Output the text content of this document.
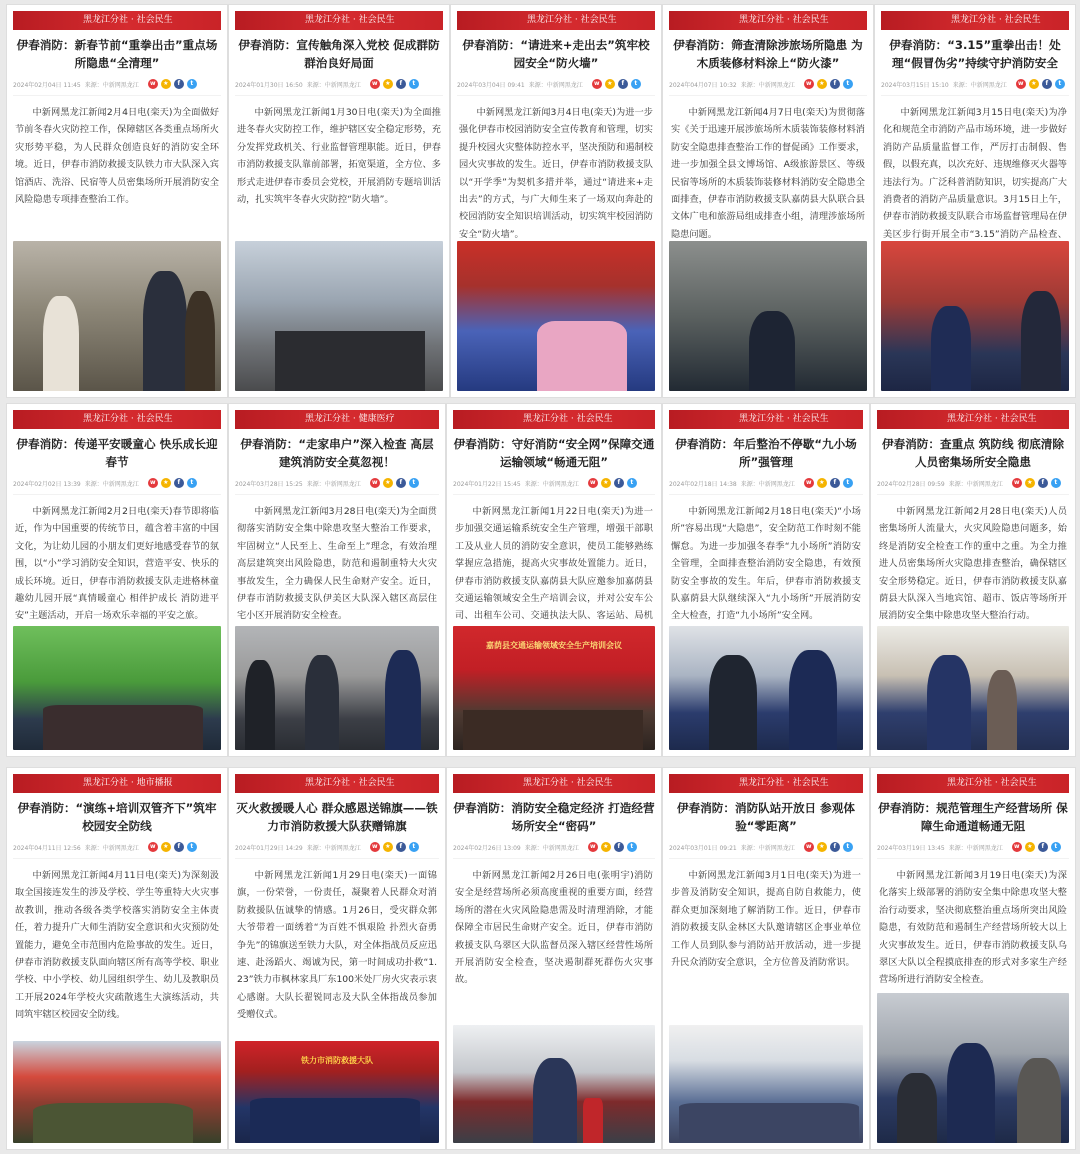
黑龙江分社 · 社会民生
伊春消防：新春节前“重拳出击”重点场所隐患“全清理”
2024年02月04日 11:45 来源：中新网黑龙江	w	★	f	t
中新网黑龙江新闻2月4日电(栾天)为全面做好节前冬春火灾防控工作，保障辖区各类重点场所火灾形势平稳，为人民群众创造良好的消防安全环境。近日，伊春市消防救援支队铁力市大队深入宾馆酒店、洗浴、民宿等人员密集场所开展消防安全风险隐患专项排查整治工作。
黑龙江分社 · 社会民生
伊春消防：宣传触角深入党校 促成群防群治良好局面
2024年01月30日 16:50 来源：中新网黑龙江	w	★	f	t
中新网黑龙江新闻1月30日电(栾天)为全面推进冬春火灾防控工作，维护辖区安全稳定形势，充分发挥党政机关、行业监督管理职能。近日，伊春市消防救援支队靠前部署，拓宽渠道，全方位、多形式走进伊春市委员会党校，开展消防专题培训活动，扎实筑牢冬春火灾防控“防火墙”。
黑龙江分社 · 社会民生
伊春消防：“请进来+走出去”筑牢校园安全“防火墙”
2024年03月04日 09:41 来源：中新网黑龙江	w	★	f	t
中新网黑龙江新闻3月4日电(栾天)为进一步强化伊春市校园消防安全宣传教育和管理，切实提升校园火灾整体防控水平，坚决预防和遏制校园火灾事故的发生。近日，伊春市消防救援支队以“开学季”为契机多措并举，通过“请进来+走出去”的方式，与广大师生来了一场双向奔赴的校园消防安全知识培训活动，切实筑牢校园消防安全“防火墙”。
黑龙江分社 · 社会民生
伊春消防：筛查清除涉旅场所隐患 为木质装修材料涂上“防火漆”
2024年04月07日 10:32 来源：中新网黑龙江	w	★	f	t
中新网黑龙江新闻4月7日电(栾天)为贯彻落实《关于迅速开展涉旅场所木质装饰装修材料消防安全隐患排查整治工作的督促函》工作要求，进一步加强全县文博场馆、A级旅游景区、等级民宿等场所的木质装饰装修材料消防安全隐患全面排查，伊春市消防救援支队嘉荫县大队联合县文体广电和旅游局组成排查小组，清理涉旅场所隐患问题。
黑龙江分社 · 社会民生
伊春消防：“3.15”重拳出击！处理“假冒伪劣”持续守护消防安全
2024年03月15日 15:10 来源：中新网黑龙江	w	★	f	t
中新网黑龙江新闻3月15日电(栾天)为净化和规范全市消防产品市场环境，进一步做好消防产品质量监督工作，严厉打击制假、售假，以假充真，以次充好、违规维修灭火器等违法行为。广泛科普消防知识，切实提高广大消费者的消防产品质量意识。3月15日上午，伊春市消防救援支队联合市场监督管理局在伊美区步行街开展全市“3.15”消防产品检查、
黑龙江分社 · 社会民生
伊春消防：传递平安暖童心 快乐成长迎春节
2024年02月02日 13:39 来源：中新网黑龙江	w	★	f	t
中新网黑龙江新闻2月2日电(栾天)春节即将临近，作为中国重要的传统节日，蕴含着丰富的中国文化，为让幼儿园的小朋友们更好地感受春节的氛围，以“小”学习消防安全知识，营造平安、快乐的成长环境。近日，伊春市消防救援支队走进格林童趣幼儿园开展“真情暖童心 相伴护成长 消防进平安”主题活动，开启一场欢乐幸福的平安之旅。
黑龙江分社 · 健康医疗
伊春消防：“走家串户”深入检查 高层建筑消防安全莫忽视！
2024年03月28日 15:25 来源：中新网黑龙江	w	★	f	t
中新网黑龙江新闻3月28日电(栾天)为全面贯彻落实消防安全集中除患攻坚大整治工作要求，牢固树立“人民至上、生命至上”理念，有效治理高层建筑突出风险隐患，防范和遏制重特大火灾事故发生，全力确保人民生命财产安全。近日，伊春市消防救援支队伊美区大队深入辖区高层住宅小区开展消防安全检查。
黑龙江分社 · 社会民生
伊春消防：守好消防“安全网”保障交通运输领域“畅通无阻”
2024年01月22日 15:45 来源：中新网黑龙江	w	★	f	t
中新网黑龙江新闻1月22日电(栾天)为进一步加强交通运输系统安全生产管理，增强干部职工及从业人员的消防安全意识，使员工能够熟练掌握应急措施，提高火灾事故处置能力。近日，伊春市消防救援支队嘉荫县大队应邀参加嘉荫县交通运输领域安全生产培训会议，并对公安车公司、出租车公司、交通执法大队、客运站、局机
嘉荫县交通运输领域安全生产培训会议
黑龙江分社 · 社会民生
伊春消防：年后整治不停歇“九小场所”强管理
2024年02月18日 14:38 来源：中新网黑龙江	w	★	f	t
中新网黑龙江新闻2月18日电(栾天)“小场所”容易出现“大隐患”，安全防范工作时刻不能懈怠。为进一步加强冬春季“九小场所”消防安全管理，全面排查整治消防安全隐患，有效预防安全事故的发生。年后，伊春市消防救援支队嘉荫县大队继续深入“九小场所”开展消防安全大检查，打造“九小场所”安全网。
黑龙江分社 · 社会民生
伊春消防：查重点 筑防线 彻底清除人员密集场所安全隐患
2024年02月28日 09:59 来源：中新网黑龙江	w	★	f	t
中新网黑龙江新闻2月28日电(栾天)人员密集场所人流量大，火灾风险隐患问题多，始终是消防安全检查工作的重中之重。为全力推进人员密集场所火灾隐患排查整治，确保辖区安全形势稳定。近日，伊春市消防救援支队嘉荫县大队深入当地宾馆、超市、饭店等场所开展消防安全集中除患攻坚大整治行动。
黑龙江分社 · 地市播报
伊春消防：“演练+培训双管齐下”筑牢校园安全防线
2024年04月11日 12:56 来源：中新网黑龙江	w	★	f	t
中新网黑龙江新闻4月11日电(栾天)为深刻汲取全国接连发生的涉及学校、学生等重特大火灾事故教训，推动各级各类学校落实消防安全主体责任，着力提升广大师生消防安全意识和火灾预防处置能力，避免全市范围内危险事故的发生。近日，伊春市消防救援支队面向辖区所有高等学校、职业学校、中小学校、幼儿园组织学生、幼儿及教职员工开展2024年学校火灾疏散逃生大演练活动，共同筑牢辖区校园安全防线。
黑龙江分社 · 社会民生
灭火救援暖人心 群众感恩送锦旗——铁力市消防救援大队获赠锦旗
2024年01月29日 14:29 来源：中新网黑龙江	w	★	f	t
中新网黑龙江新闻1月29日电(栾天)一面锦旗，一份荣誉，一份责任，凝聚着人民群众对消防救援队伍诚挚的情感。1月26日，受灾群众郭大爷带着一面绣着“为百姓不惧艰险 扑烈火奋勇争先”的锦旗送至铁力大队，对全体指战员反应迅速、赴汤蹈火、竭诚为民，第一时间成功扑救“1.23”铁力市枫林家具厂东100米处厂房火灾表示衷心感谢。大队长翟锐同志及大队全体指战员参加受赠仪式。
铁力市消防救援大队
黑龙江分社 · 社会民生
伊春消防：消防安全稳定经济 打造经营场所安全“密码”
2024年02月26日 13:09 来源：中新网黑龙江	w	★	f	t
中新网黑龙江新闻2月26日电(张明宇)消防安全是经营场所必须高度重视的重要方面，经营场所的潜在火灾风险隐患需及时清理消除，才能保障全市居民生命财产安全。近日，伊春市消防救援支队乌翠区大队监督员深入辖区经营性场所开展消防安全检查，坚决遏制群死群伤火灾事故。
黑龙江分社 · 社会民生
伊春消防：消防队站开放日 参观体验“零距离”
2024年03月01日 09:21 来源：中新网黑龙江	w	★	f	t
中新网黑龙江新闻3月1日电(栾天)为进一步普及消防安全知识，提高自防自救能力，使群众更加深刻地了解消防工作。近日，伊春市消防救援支队金林区大队邀请辖区企事业单位工作人员到队参与消防站开放活动，进一步提升民众消防安全意识，全方位普及消防常识。
黑龙江分社 · 社会民生
伊春消防：规范管理生产经营场所 保障生命通道畅通无阻
2024年03月19日 13:45 来源：中新网黑龙江	w	★	f	t
中新网黑龙江新闻3月19日电(栾天)为深化落实上级部署的消防安全集中除患攻坚大整治行动要求，坚决彻底整治重点场所突出风险隐患，有效防范和遏制生产经营场所较大以上火灾事故发生。近日，伊春市消防救援支队乌翠区大队以全程摸底排查的形式对多家生产经营场所进行消防安全检查。
